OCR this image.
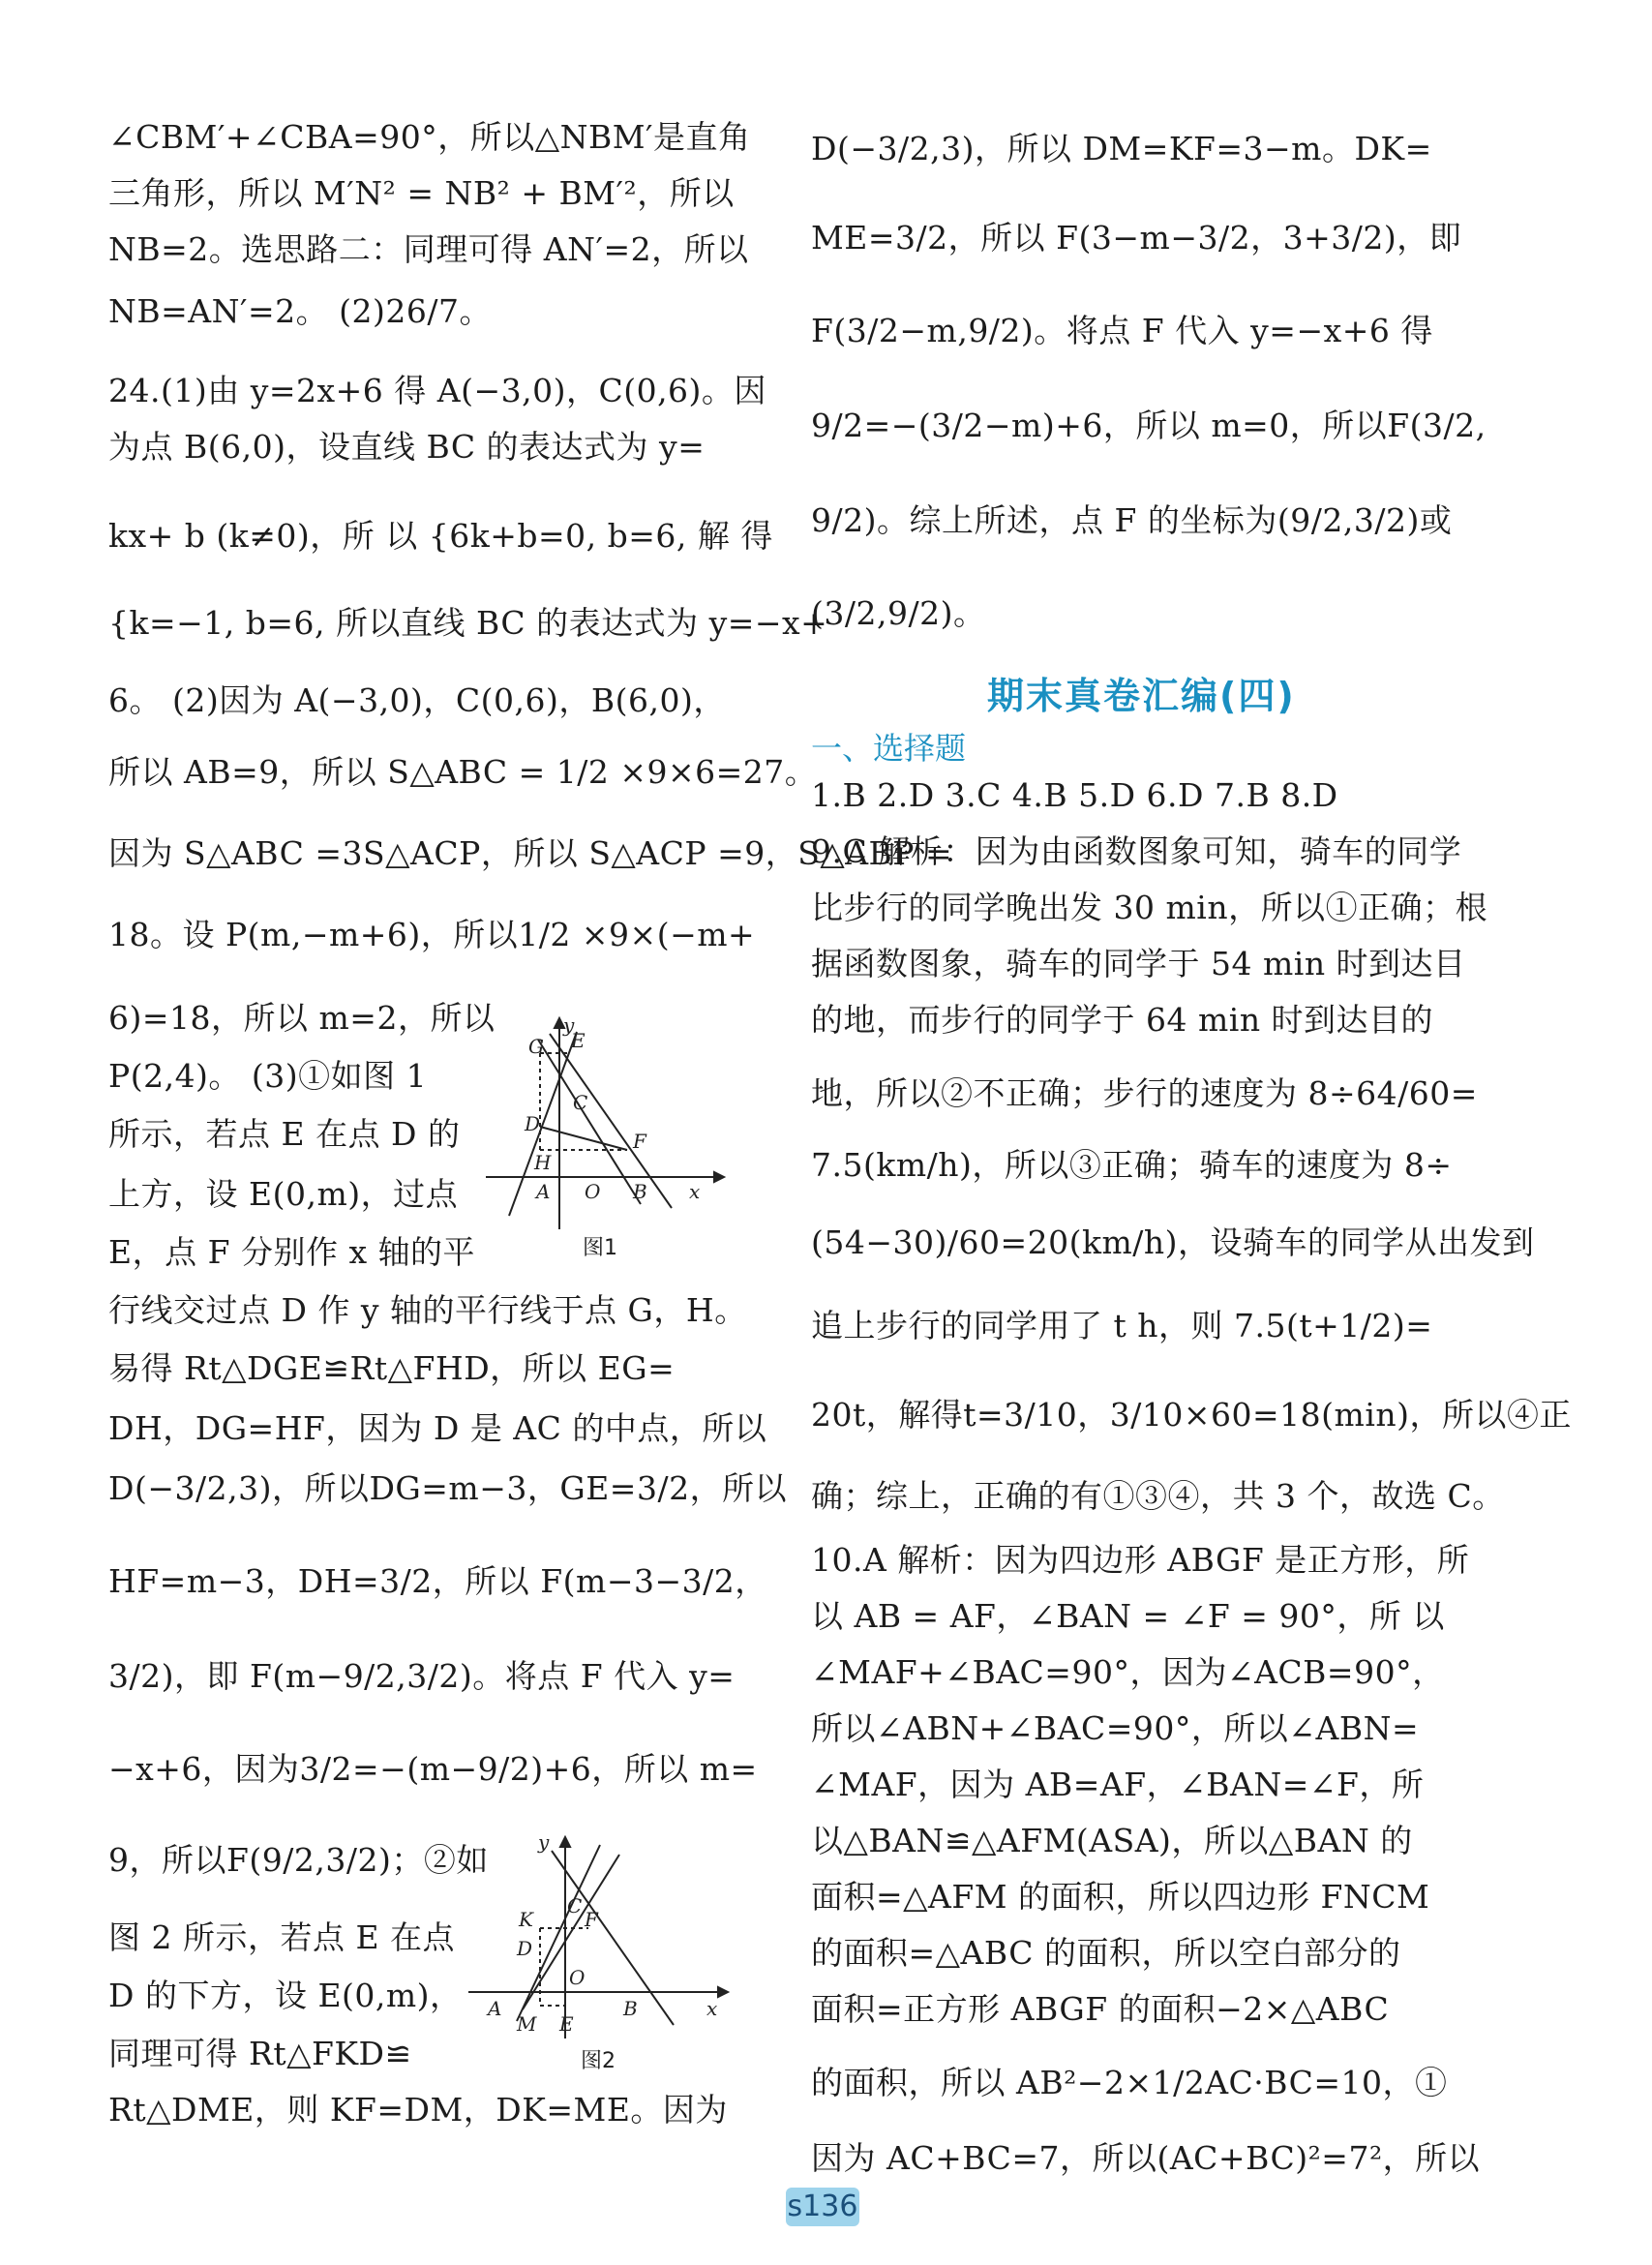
∠CBM′+∠CBA=90°，所以△NBM′是直角
三角形，所以 M′N² = NB² + BM′²，所以
NB=2。选思路二：同理可得 AN′=2，所以
NB=AN′=2。 (2)26/7。
24.(1)由 y=2x+6 得 A(−3,0)，C(0,6)。因
为点 B(6,0)，设直线 BC 的表达式为 y=
kx+ b (k≠0)，所 以 {6k+b=0, b=6, 解 得
{k=−1, b=6, 所以直线 BC 的表达式为 y=−x+
6。 (2)因为 A(−3,0)，C(0,6)，B(6,0)，
所以 AB=9，所以 S△ABC = 1/2 ×9×6=27。
因为 S△ABC =3S△ACP，所以 S△ACP =9，S△ABP =
18。设 P(m,−m+6)，所以1/2 ×9×(−m+
6)=18，所以 m=2，所以
P(2,4)。 (3)①如图 1
所示，若点 E 在点 D 的
上方，设 E(0,m)，过点
E，点 F 分别作 x 轴的平
行线交过点 D 作 y 轴的平行线于点 G，H。
易得 Rt△DGE≌Rt△FHD，所以 EG=
DH，DG=HF，因为 D 是 AC 的中点，所以
D(−3/2,3)，所以DG=m−3，GE=3/2，所以
HF=m−3，DH=3/2，所以 F(m−3−3/2，
3/2)，即 F(m−9/2,3/2)。将点 F 代入 y=
−x+6，因为3/2=−(m−9/2)+6，所以 m=
9，所以F(9/2,3/2)；②如
图 2 所示，若点 E 在点
D 的下方，设 E(0,m)，
同理可得 Rt△FKD≌
Rt△DME，则 KF=DM，DK=ME。因为
y
G E
C
D
H
F
A O B x
图1
y
C
K	F
D
O
A
M E
B	x
图2
D(−3/2,3)，所以 DM=KF=3−m。DK=
ME=3/2，所以 F(3−m−3/2，3+3/2)，即
F(3/2−m,9/2)。将点 F 代入 y=−x+6 得
9/2=−(3/2−m)+6，所以 m=0，所以F(3/2,
9/2)。综上所述，点 F 的坐标为(9/2,3/2)或
(3/2,9/2)。
1.B 2.D 3.C 4.B 5.D 6.D 7.B 8.D
9.C 解析：因为由函数图象可知，骑车的同学
比步行的同学晚出发 30 min，所以①正确；根
据函数图象，骑车的同学于 54 min 时到达目
的地，而步行的同学于 64 min 时到达目的
地，所以②不正确；步行的速度为 8÷64/60=
7.5(km/h)，所以③正确；骑车的速度为 8÷
(54−30)/60=20(km/h)，设骑车的同学从出发到
追上步行的同学用了 t h，则 7.5(t+1/2)=
20t，解得t=3/10，3/10×60=18(min)，所以④正
确；综上，正确的有①③④，共 3 个，故选 C。
10.A 解析：因为四边形 ABGF 是正方形，所
以 AB = AF，∠BAN = ∠F = 90°，所 以
∠MAF+∠BAC=90°，因为∠ACB=90°，
所以∠ABN+∠BAC=90°，所以∠ABN=
∠MAF，因为 AB=AF，∠BAN=∠F，所
以△BAN≌△AFM(ASA)，所以△BAN 的
面积=△AFM 的面积，所以四边形 FNCM
的面积=△ABC 的面积，所以空白部分的
面积=正方形 ABGF 的面积−2×△ABC
的面积，所以 AB²−2×1/2AC·BC=10，①
因为 AC+BC=7，所以(AC+BC)²=7²，所以
期末真卷汇编(四)
一、选择题
s136
